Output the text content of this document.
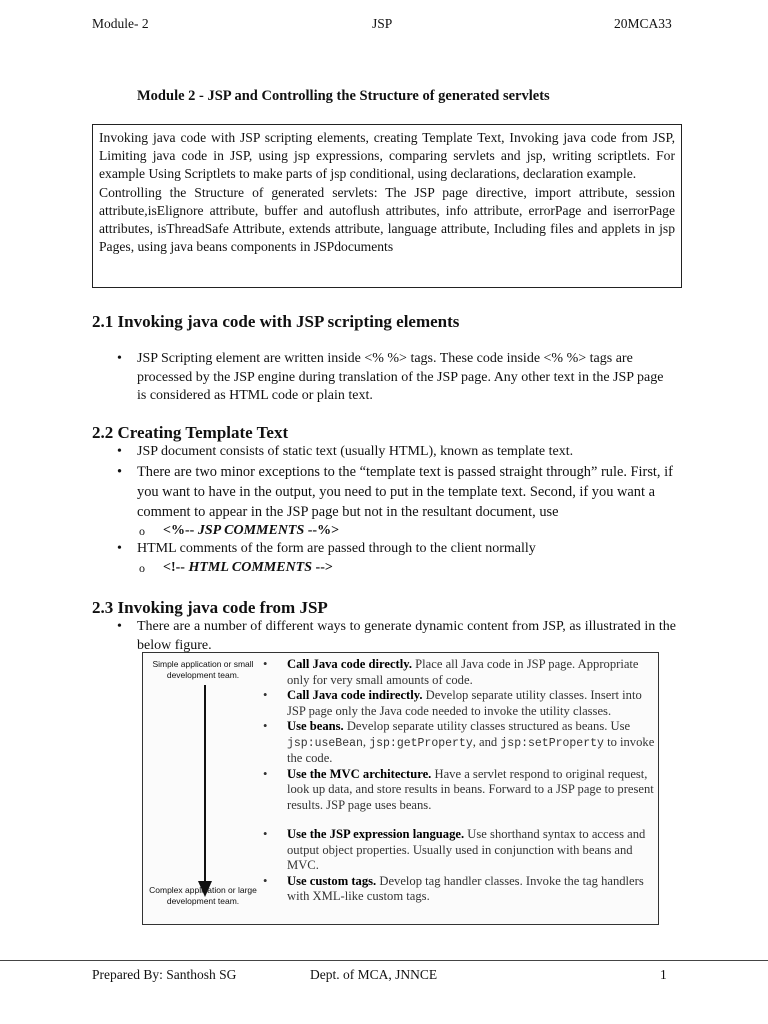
Module- 2	JSP	20MCA33
Module 2 - JSP and Controlling the Structure of generated servlets
Invoking java code with JSP scripting elements, creating Template Text, Invoking java code from JSP, Limiting java code in JSP, using jsp expressions, comparing servlets and jsp, writing scriptlets. For example Using Scriptlets to make parts of jsp conditional, using declarations, declaration example.
Controlling the Structure of generated servlets: The JSP page directive, import attribute, session attribute,isElignore attribute, buffer and autoflush attributes, info attribute, errorPage and iserrorPage attributes, isThreadSafe Attribute, extends attribute, language attribute, Including files and applets in jsp Pages, using java beans components in JSPdocuments
2.1 Invoking java code with JSP scripting elements
• JSP Scripting element are written inside <% %> tags. These code inside <% %> tags are processed by the JSP engine during translation of the JSP page. Any other text in the JSP page is considered as HTML code or plain text.
2.2 Creating Template Text
• JSP document consists of static text (usually HTML), known as template text.
• There are two minor exceptions to the “template text is passed straight through” rule. First, if you want to have in the output, you need to put in the template text. Second, if you want a comment to appear in the JSP page but not in the resultant document, use
o <%-- JSP COMMENTS --%>
• HTML comments of the form are passed through to the client normally
o <!-- HTML COMMENTS -->
2.3 Invoking java code from JSP
• There are a number of different ways to generate dynamic content from JSP, as illustrated in the below figure.
Simple application or small development team.
Complex application or large development team.
• Call Java code directly. Place all Java code in JSP page. Appropriate only for very small amounts of code.
• Call Java code indirectly. Develop separate utility classes. Insert into JSP page only the Java code needed to invoke the utility classes.
• Use beans. Develop separate utility classes structured as beans. Use jsp:useBean, jsp:getProperty, and jsp:setProperty to invoke the code.
• Use the MVC architecture. Have a servlet respond to original request, look up data, and store results in beans. Forward to a JSP page to present results. JSP page uses beans.
• Use the JSP expression language. Use shorthand syntax to access and output object properties. Usually used in conjunction with beans and MVC.
• Use custom tags. Develop tag handler classes. Invoke the tag handlers with XML-like custom tags.
Prepared By: Santhosh SG	Dept. of MCA, JNNCE	1
